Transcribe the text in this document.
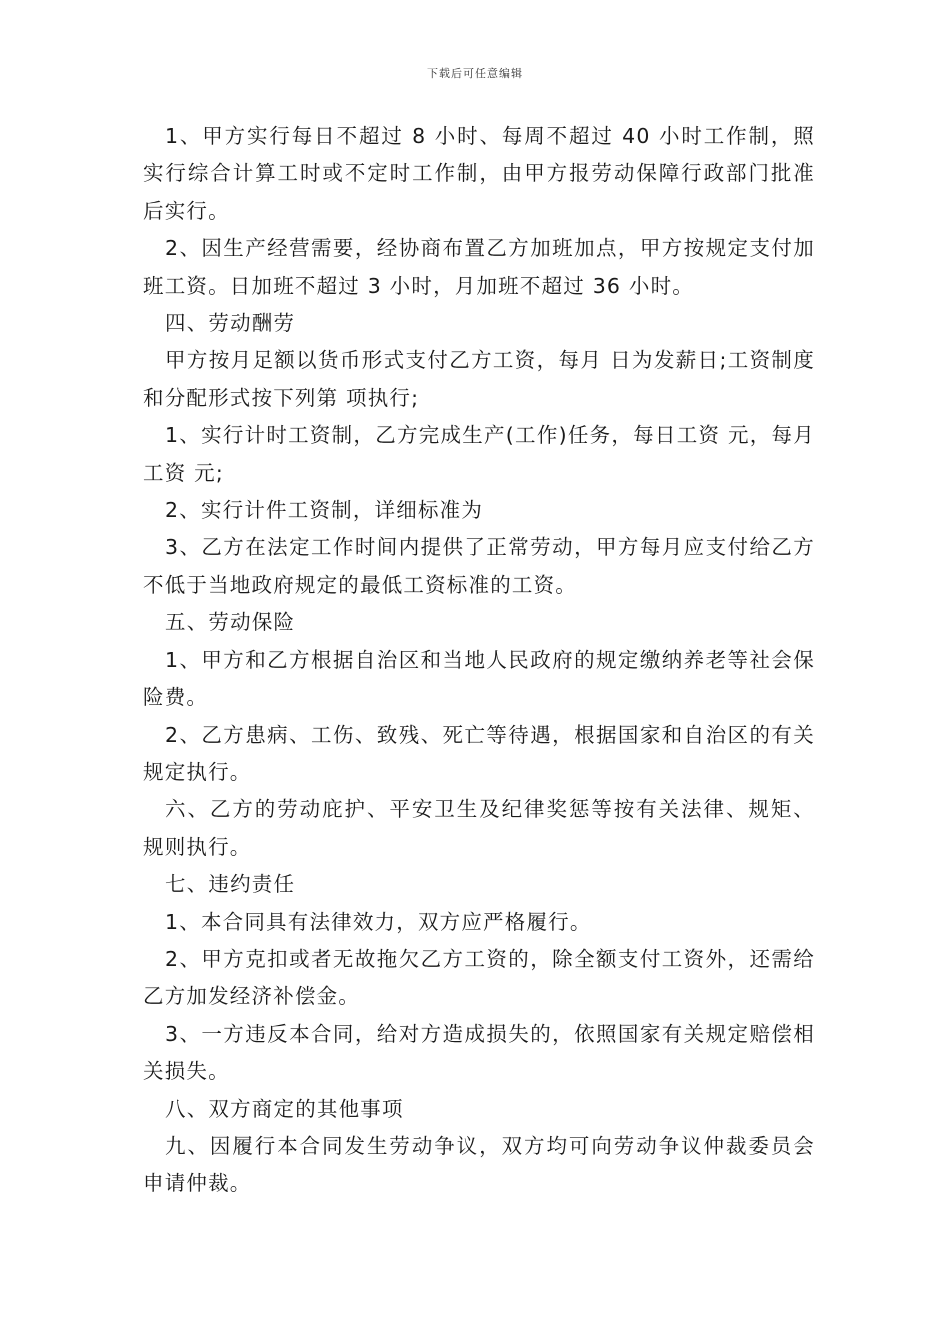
下载后可任意编辑

1、甲方实行每日不超过 8 小时、每周不超过 40 小时工作制，照实行综合计算工时或不定时工作制，由甲方报劳动保障行政部门批准后实行。

2、因生产经营需要，经协商布置乙方加班加点，甲方按规定支付加班工资。日加班不超过 3 小时，月加班不超过 36 小时。

四、劳动酬劳

甲方按月足额以货币形式支付乙方工资，每月 日为发薪日;工资制度和分配形式按下列第 项执行;

1、实行计时工资制，乙方完成生产(工作)任务，每日工资 元，每月工资 元;

2、实行计件工资制，详细标准为

3、乙方在法定工作时间内提供了正常劳动，甲方每月应支付给乙方不低于当地政府规定的最低工资标准的工资。

五、劳动保险

1、甲方和乙方根据自治区和当地人民政府的规定缴纳养老等社会保险费。

2、乙方患病、工伤、致残、死亡等待遇，根据国家和自治区的有关规定执行。

六、乙方的劳动庇护、平安卫生及纪律奖惩等按有关法律、规矩、规则执行。

七、违约责任

1、本合同具有法律效力，双方应严格履行。

2、甲方克扣或者无故拖欠乙方工资的，除全额支付工资外，还需给乙方加发经济补偿金。

3、一方违反本合同，给对方造成损失的，依照国家有关规定赔偿相关损失。

八、双方商定的其他事项

九、因履行本合同发生劳动争议，双方均可向劳动争议仲裁委员会申请仲裁。
